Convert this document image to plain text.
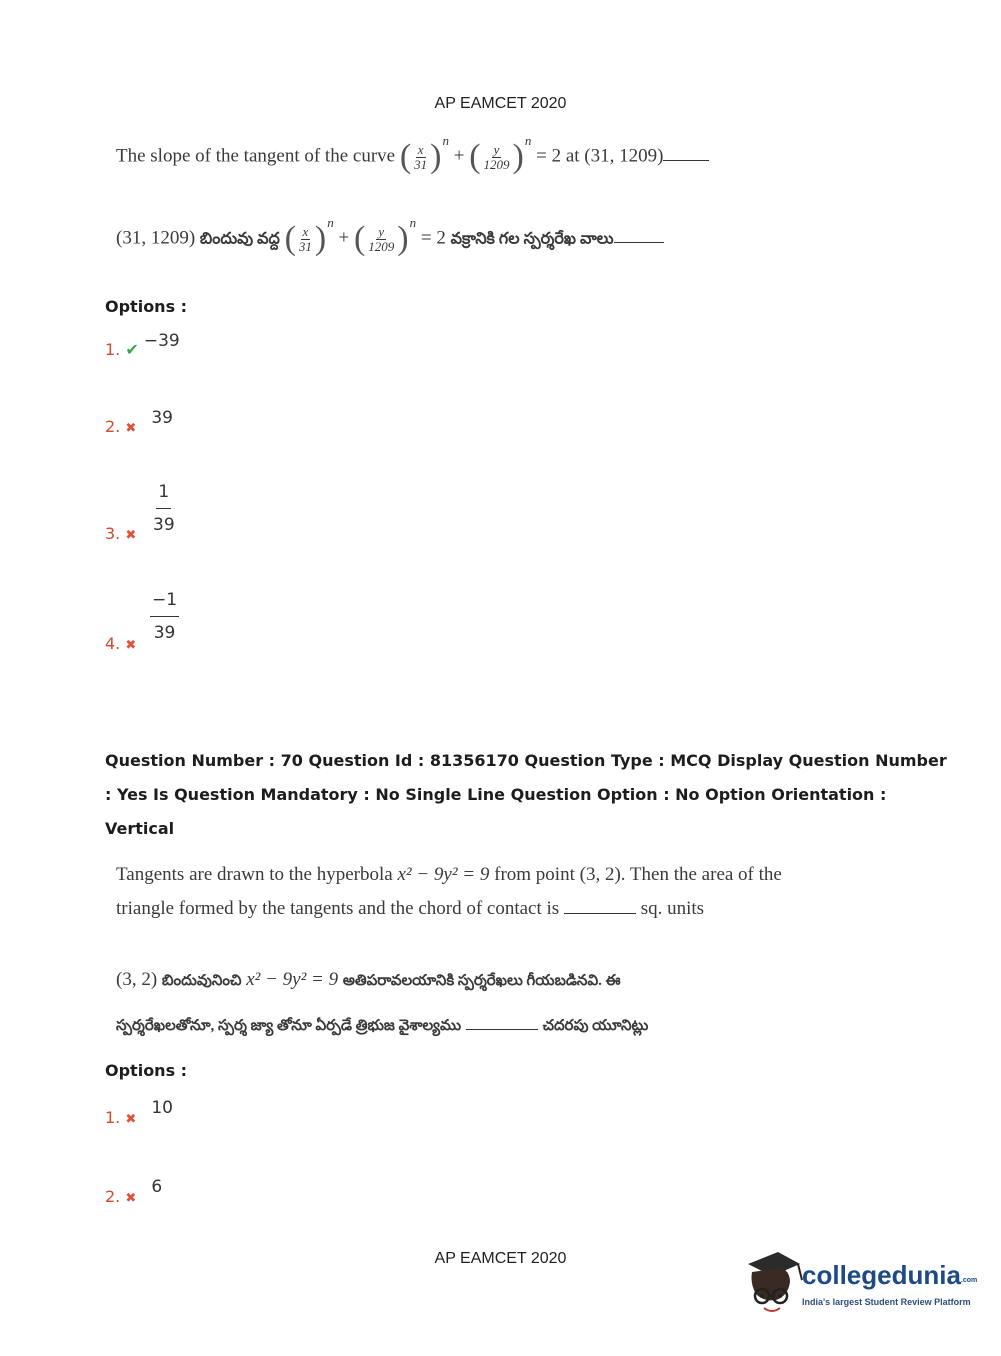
AP EAMCET 2020
The slope of the tangent of the curve ( $\frac{x}{31} )^n$ + ( $\frac{y}{1209} )^n = 2$ at (31, 1209)
(31, 1209) బిందువు వద్ద ( $\frac{x}{31} )^n$ + ( $\frac{y}{1209} )^n = 2$ వక్రానికి గల స్పర్శరేఖ వాలు
Options :
1. ✔ −39
2. ✖ 39
3. ✖
$\frac{1}{39}$
4. ✖
$\frac{-1}{39}$
Question Number : 70 Question Id : 81356170 Question Type : MCQ Display Question Number
: Yes Is Question Mandatory : No Single Line Question Option : No Option Orientation :
Vertical
Tangents are drawn to the hyperbola x² − 9y² = 9 from point (3, 2). Then the area of the
triangle formed by the tangents and the chord of contact is	sq. units
(3, 2) బిందువునించి x² − 9y² = 9 అతిపరావలయానికి స్పర్శరేఖలు గీయబడినవి. ఈ
స్పర్శరేఖలతోనూ, స్పర్శ జ్యా తోనూ ఏర్పడే త్రిభుజ వైశాల్యము	చదరపు యూనిట్లు
Options :
1. ✖ 10
2. ✖ 6
AP EAMCET 2020
collegedunia.com
India's largest Student Review Platform
